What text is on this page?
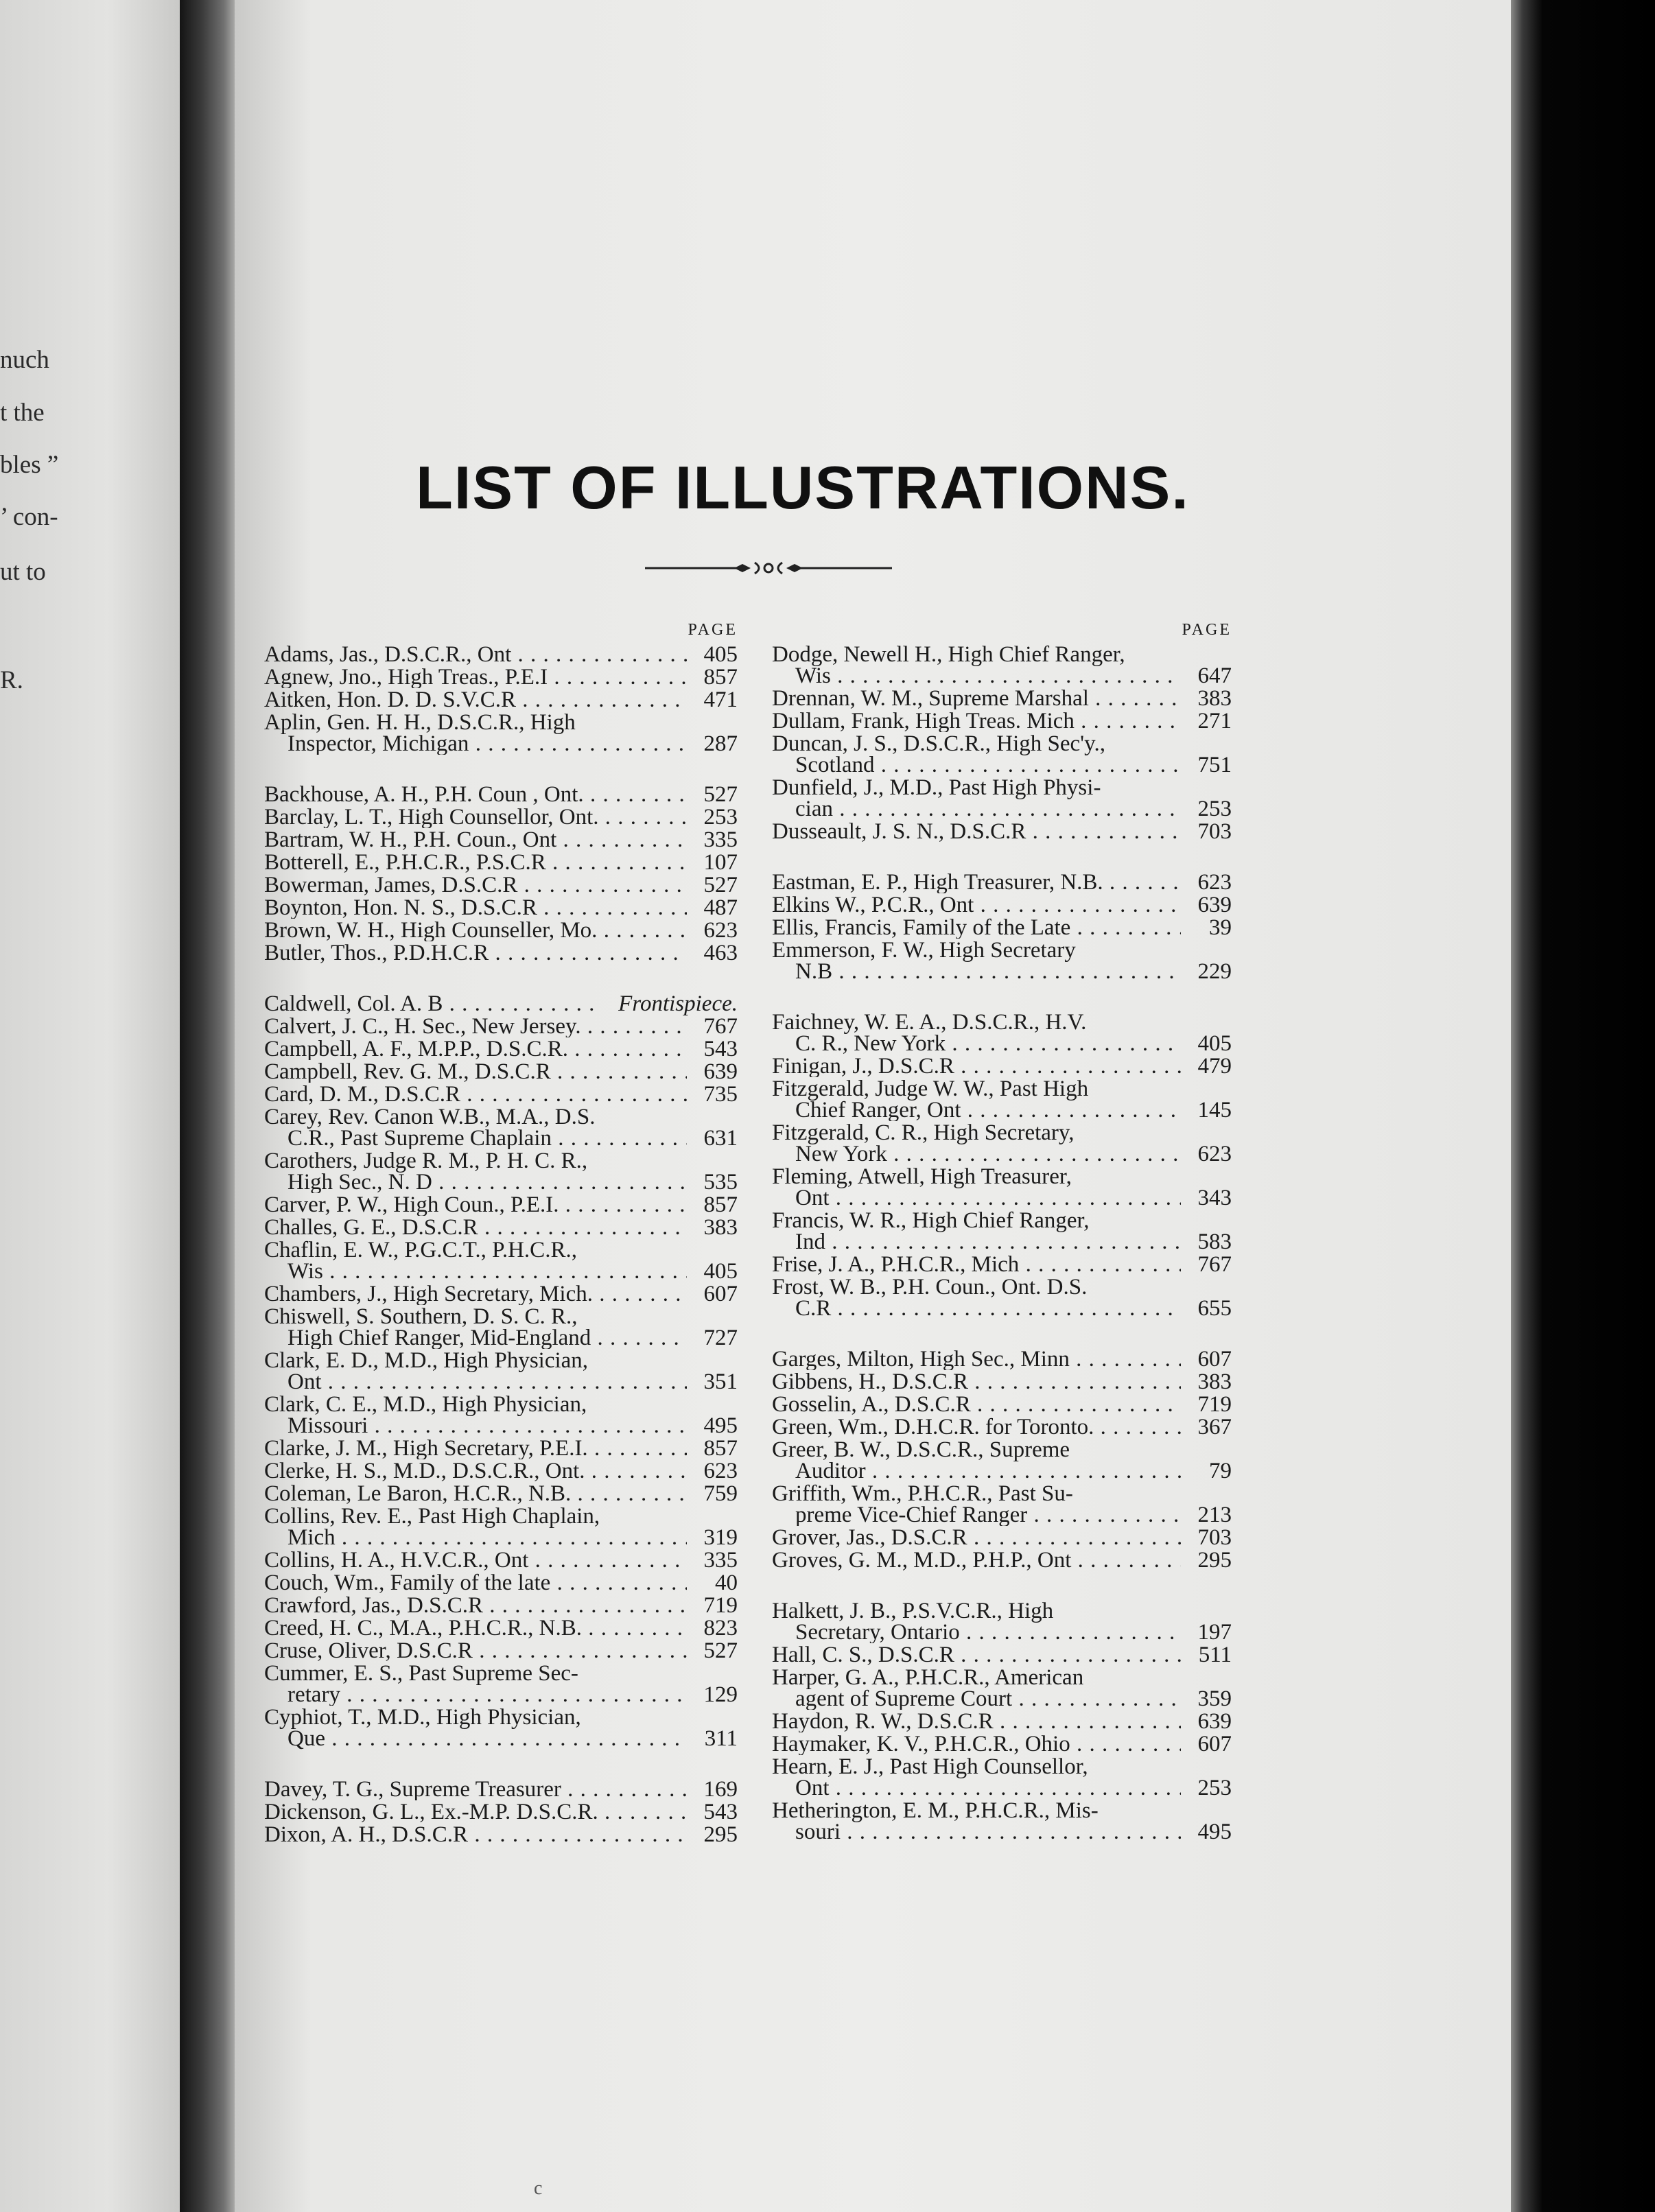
nuch
t the
bles ”
’ con-
ut to
R.
LIST OF ILLUSTRATIONS.
PAGE
Adams, Jas., D.S.C.R., Ont . . .	405
Agnew, Jno., High Treas., P.E.I . . .	857
Aitken, Hon. D. D. S.V.C.R . . .	471
Aplin, Gen. H. H., D.S.C.R., High
Inspector, Michigan . . .	287
Backhouse, A. H., P.H. Coun , Ont. . . .	527
Barclay, L. T., High Counsellor, Ont. . . .	253
Bartram, W. H., P.H. Coun., Ont . . .	335
Botterell, E., P.H.C.R., P.S.C.R . . .	107
Bowerman, James, D.S.C.R . . .	527
Boynton, Hon. N. S., D.S.C.R . . .	487
Brown, W. H., High Counseller, Mo. . . .	623
Butler, Thos., P.D.H.C.R . . .	463
Caldwell, Col. A. B . . .	Frontispiece.
Calvert, J. C., H. Sec., New Jersey. . . .	767
Campbell, A. F., M.P.P., D.S.C.R. . . .	543
Campbell, Rev. G. M., D.S.C.R . . .	639
Card, D. M., D.S.C.R . . .	735
Carey, Rev. Canon W.B., M.A., D.S.
C.R., Past Supreme Chaplain . . .	631
Carothers, Judge R. M., P. H. C. R.,
High Sec., N. D . . .	535
Carver, P. W., High Coun., P.E.I. . . .	857
Challes, G. E., D.S.C.R . . .	383
Chaflin, E. W., P.G.C.T., P.H.C.R.,
Wis . . .	405
Chambers, J., High Secretary, Mich. . . .	607
Chiswell, S. Southern, D. S. C. R.,
High Chief Ranger, Mid-England . . .	727
Clark, E. D., M.D., High Physician,
Ont . . .	351
Clark, C. E., M.D., High Physician,
Missouri . . .	495
Clarke, J. M., High Secretary, P.E.I. . . .	857
Clerke, H. S., M.D., D.S.C.R., Ont. . . .	623
Coleman, Le Baron, H.C.R., N.B. . . .	759
Collins, Rev. E., Past High Chaplain,
Mich . . .	319
Collins, H. A., H.V.C.R., Ont . . .	335
Couch, Wm., Family of the late . . .	40
Crawford, Jas., D.S.C.R . . .	719
Creed, H. C., M.A., P.H.C.R., N.B. . . .	823
Cruse, Oliver, D.S.C.R . . .	527
Cummer, E. S., Past Supreme Sec-
retary . . .	129
Cyphiot, T., M.D., High Physician,
Que . . .	311
Davey, T. G., Supreme Treasurer . . .	169
Dickenson, G. L., Ex.-M.P. D.S.C.R. . . .	543
Dixon, A. H., D.S.C.R . . .	295
PAGE
Dodge, Newell H., High Chief Ranger,
Wis . . .	647
Drennan, W. M., Supreme Marshal . . .	383
Dullam, Frank, High Treas. Mich . . .	271
Duncan, J. S., D.S.C.R., High Sec'y.,
Scotland . . .	751
Dunfield, J., M.D., Past High Physi-
cian . . .	253
Dusseault, J. S. N., D.S.C.R . . .	703
Eastman, E. P., High Treasurer, N.B. . . .	623
Elkins W., P.C.R., Ont . . .	639
Ellis, Francis, Family of the Late . . .	39
Emmerson, F. W., High Secretary
N.B . . .	229
Faichney, W. E. A., D.S.C.R., H.V.
C. R., New York . . .	405
Finigan, J., D.S.C.R . . .	479
Fitzgerald, Judge W. W., Past High
Chief Ranger, Ont . . .	145
Fitzgerald, C. R., High Secretary,
New York . . .	623
Fleming, Atwell, High Treasurer,
Ont . . .	343
Francis, W. R., High Chief Ranger,
Ind . . .	583
Frise, J. A., P.H.C.R., Mich . . .	767
Frost, W. B., P.H. Coun., Ont. D.S.
C.R . . .	655
Garges, Milton, High Sec., Minn . . .	607
Gibbens, H., D.S.C.R . . .	383
Gosselin, A., D.S.C.R . . .	719
Green, Wm., D.H.C.R. for Toronto. . . .	367
Greer, B. W., D.S.C.R., Supreme
Auditor . . .	79
Griffith, Wm., P.H.C.R., Past Su-
preme Vice-Chief Ranger . . .	213
Grover, Jas., D.S.C.R . . .	703
Groves, G. M., M.D., P.H.P., Ont . . .	295
Halkett, J. B., P.S.V.C.R., High
Secretary, Ontario . . .	197
Hall, C. S., D.S.C.R . . .	511
Harper, G. A., P.H.C.R., American
agent of Supreme Court . . .	359
Haydon, R. W., D.S.C.R . . .	639
Haymaker, K. V., P.H.C.R., Ohio . . .	607
Hearn, E. J., Past High Counsellor,
Ont . . .	253
Hetherington, E. M., P.H.C.R., Mis-
souri . . .	495
c
